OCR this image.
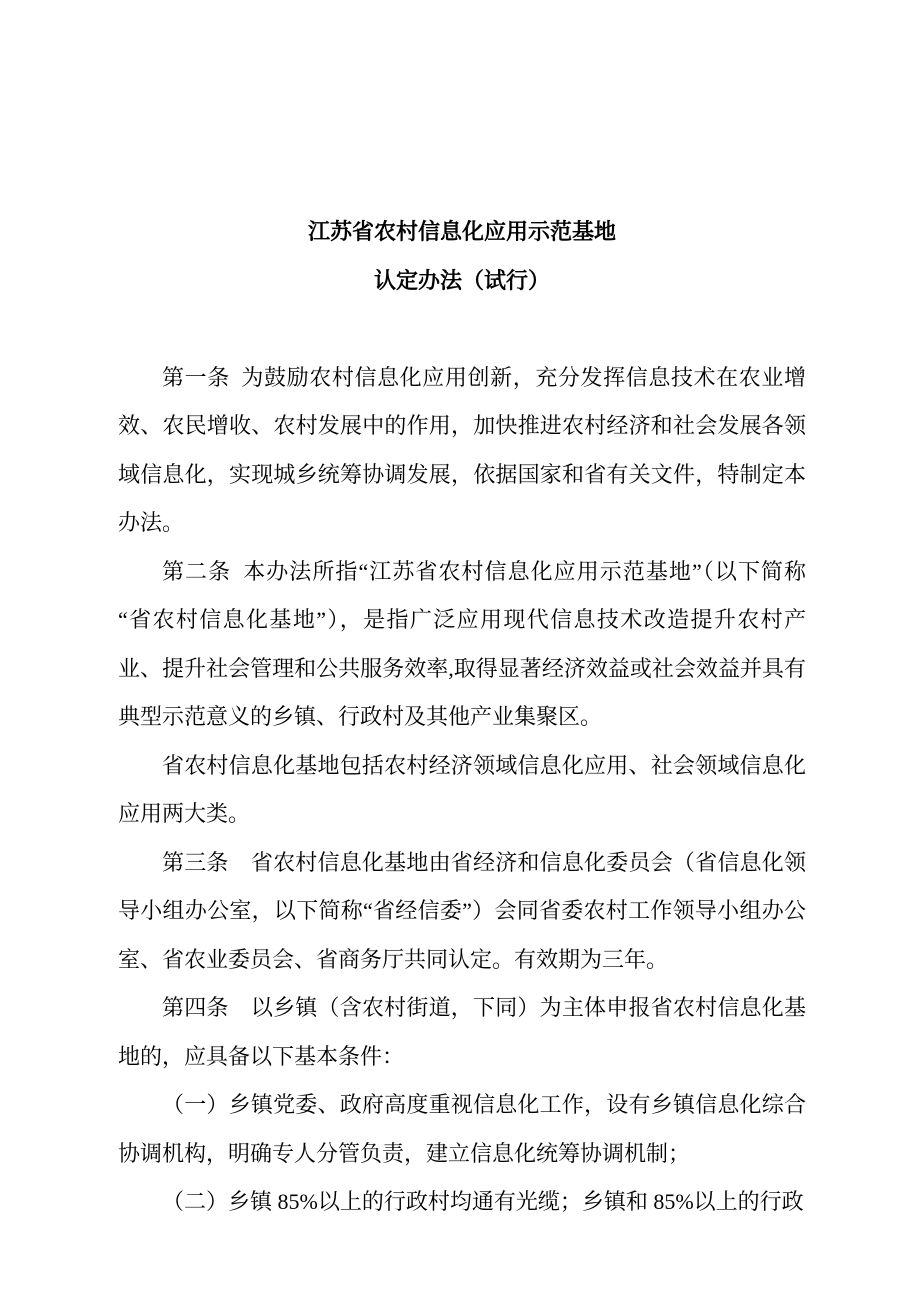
江苏省农村信息化应用示范基地
认定办法（试行）

第一条 为鼓励农村信息化应用创新，充分发挥信息技术在农业增效、农民增收、农村发展中的作用，加快推进农村经济和社会发展各领域信息化，实现城乡统筹协调发展，依据国家和省有关文件，特制定本办法。

第二条 本办法所指“江苏省农村信息化应用示范基地”（以下简称“省农村信息化基地”），是指广泛应用现代信息技术改造提升农村产业、提升社会管理和公共服务效率,取得显著经济效益或社会效益并具有典型示范意义的乡镇、行政村及其他产业集聚区。

省农村信息化基地包括农村经济领域信息化应用、社会领域信息化应用两大类。

第三条　省农村信息化基地由省经济和信息化委员会（省信息化领导小组办公室，以下简称“省经信委”）会同省委农村工作领导小组办公室、省农业委员会、省商务厅共同认定。有效期为三年。

第四条　以乡镇（含农村街道，下同）为主体申报省农村信息化基地的，应具备以下基本条件：

（一）乡镇党委、政府高度重视信息化工作，设有乡镇信息化综合协调机构，明确专人分管负责，建立信息化统筹协调机制；

（二）乡镇 85%以上的行政村均通有光缆；乡镇和 85%以上的行政
